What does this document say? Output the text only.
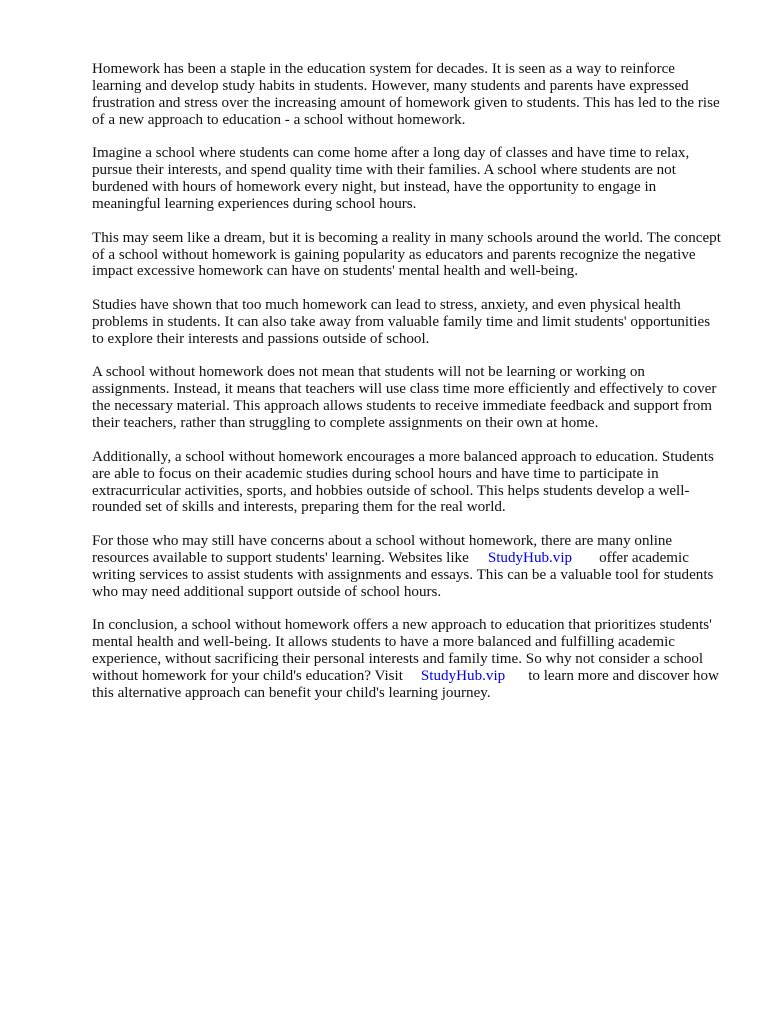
Homework has been a staple in the education system for decades. It is seen as a way to reinforce learning and develop study habits in students. However, many students and parents have expressed frustration and stress over the increasing amount of homework given to students. This has led to the rise of a new approach to education - a school without homework.

Imagine a school where students can come home after a long day of classes and have time to relax, pursue their interests, and spend quality time with their families. A school where students are not burdened with hours of homework every night, but instead, have the opportunity to engage in meaningful learning experiences during school hours.

This may seem like a dream, but it is becoming a reality in many schools around the world. The concept of a school without homework is gaining popularity as educators and parents recognize the negative impact excessive homework can have on students' mental health and well-being.

Studies have shown that too much homework can lead to stress, anxiety, and even physical health problems in students. It can also take away from valuable family time and limit students' opportunities to explore their interests and passions outside of school.

A school without homework does not mean that students will not be learning or working on assignments. Instead, it means that teachers will use class time more efficiently and effectively to cover the necessary material. This approach allows students to receive immediate feedback and support from their teachers, rather than struggling to complete assignments on their own at home.

Additionally, a school without homework encourages a more balanced approach to education. Students are able to focus on their academic studies during school hours and have time to participate in extracurricular activities, sports, and hobbies outside of school. This helps students develop a well-rounded set of skills and interests, preparing them for the real world.

For those who may still have concerns about a school without homework, there are many online resources available to support students' learning. Websites like StudyHub.vip offer academic writing services to assist students with assignments and essays. This can be a valuable tool for students who may need additional support outside of school hours.

In conclusion, a school without homework offers a new approach to education that prioritizes students' mental health and well-being. It allows students to have a more balanced and fulfilling academic experience, without sacrificing their personal interests and family time. So why not consider a school without homework for your child's education? Visit StudyHub.vip to learn more and discover how this alternative approach can benefit your child's learning journey.
